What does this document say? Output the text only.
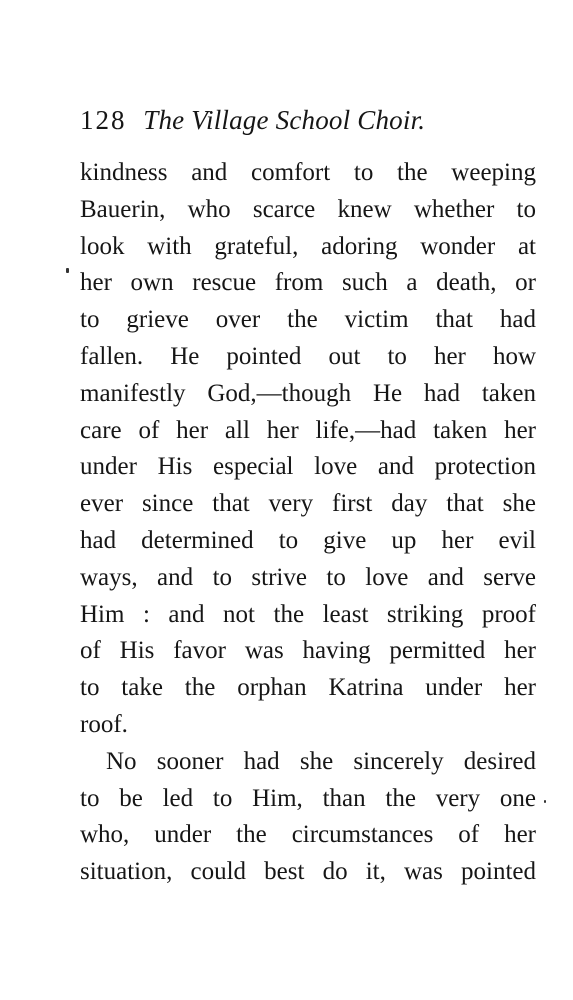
128 The Village School Choir.
kindness and comfort to the weeping
Bauerin, who scarce knew whether to
look with grateful, adoring wonder at
her own rescue from such a death, or
to grieve over the victim that had
fallen. He pointed out to her how
manifestly God,—though He had taken
care of her all her life,—had taken her
under His especial love and protection
ever since that very first day that she
had determined to give up her evil
ways, and to strive to love and serve
Him : and not the least striking proof
of His favor was having permitted her
to take the orphan Katrina under her
roof.
No sooner had she sincerely desired
to be led to Him, than the very one
who, under the circumstances of her
situation, could best do it, was pointed
